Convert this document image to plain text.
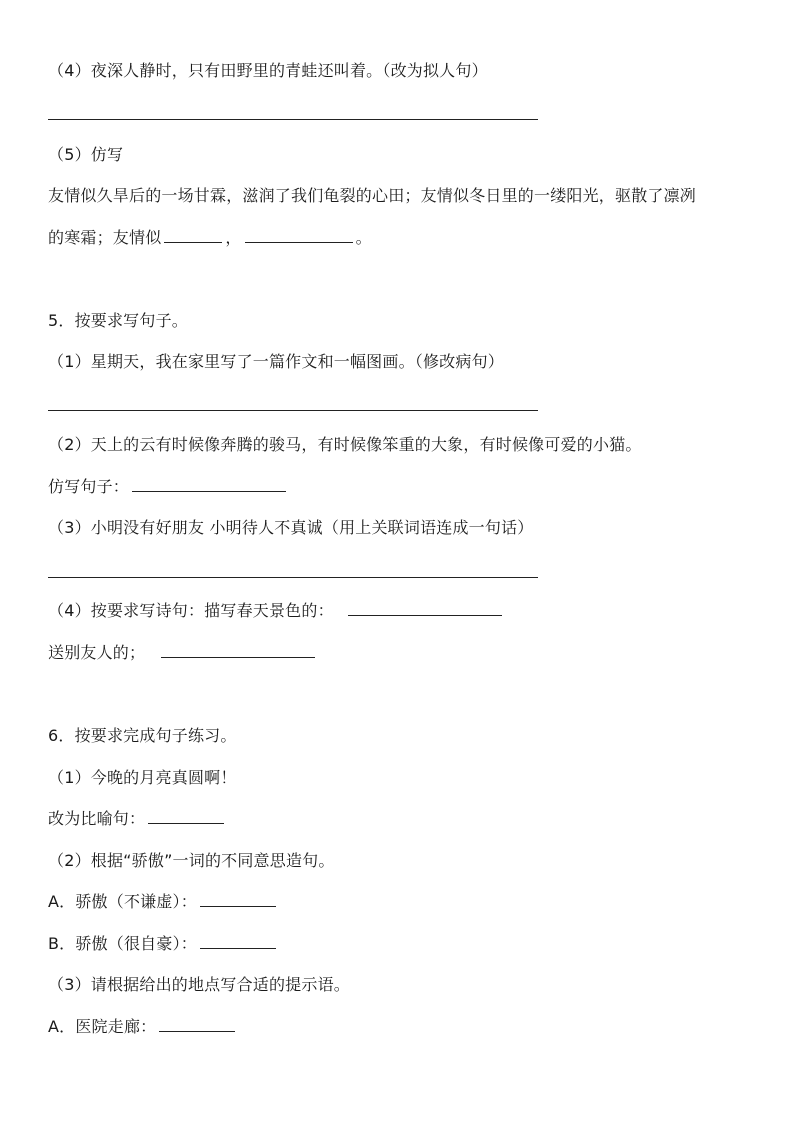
（4）夜深人静时，只有田野里的青蛙还叫着。（改为拟人句）
（5）仿写
友情似久旱后的一场甘霖，滋润了我们龟裂的心田；友情似冬日里的一缕阳光，驱散了凛冽
的寒霜；友情似	，	。
5．按要求写句子。
（1）星期天，我在家里写了一篇作文和一幅图画。（修改病句）
（2）天上的云有时候像奔腾的骏马，有时候像笨重的大象，有时候像可爱的小猫。
仿写句子：
（3）小明没有好朋友 小明待人不真诚（用上关联词语连成一句话）
（4）按要求写诗句：描写春天景色的：
送别友人的；
6．按要求完成句子练习。
（1）今晚的月亮真圆啊！
改为比喻句：
（2）根据“骄傲”一词的不同意思造句。
A．骄傲（不谦虚）：
B．骄傲（很自豪）：
（3）请根据给出的地点写合适的提示语。
A．医院走廊：
